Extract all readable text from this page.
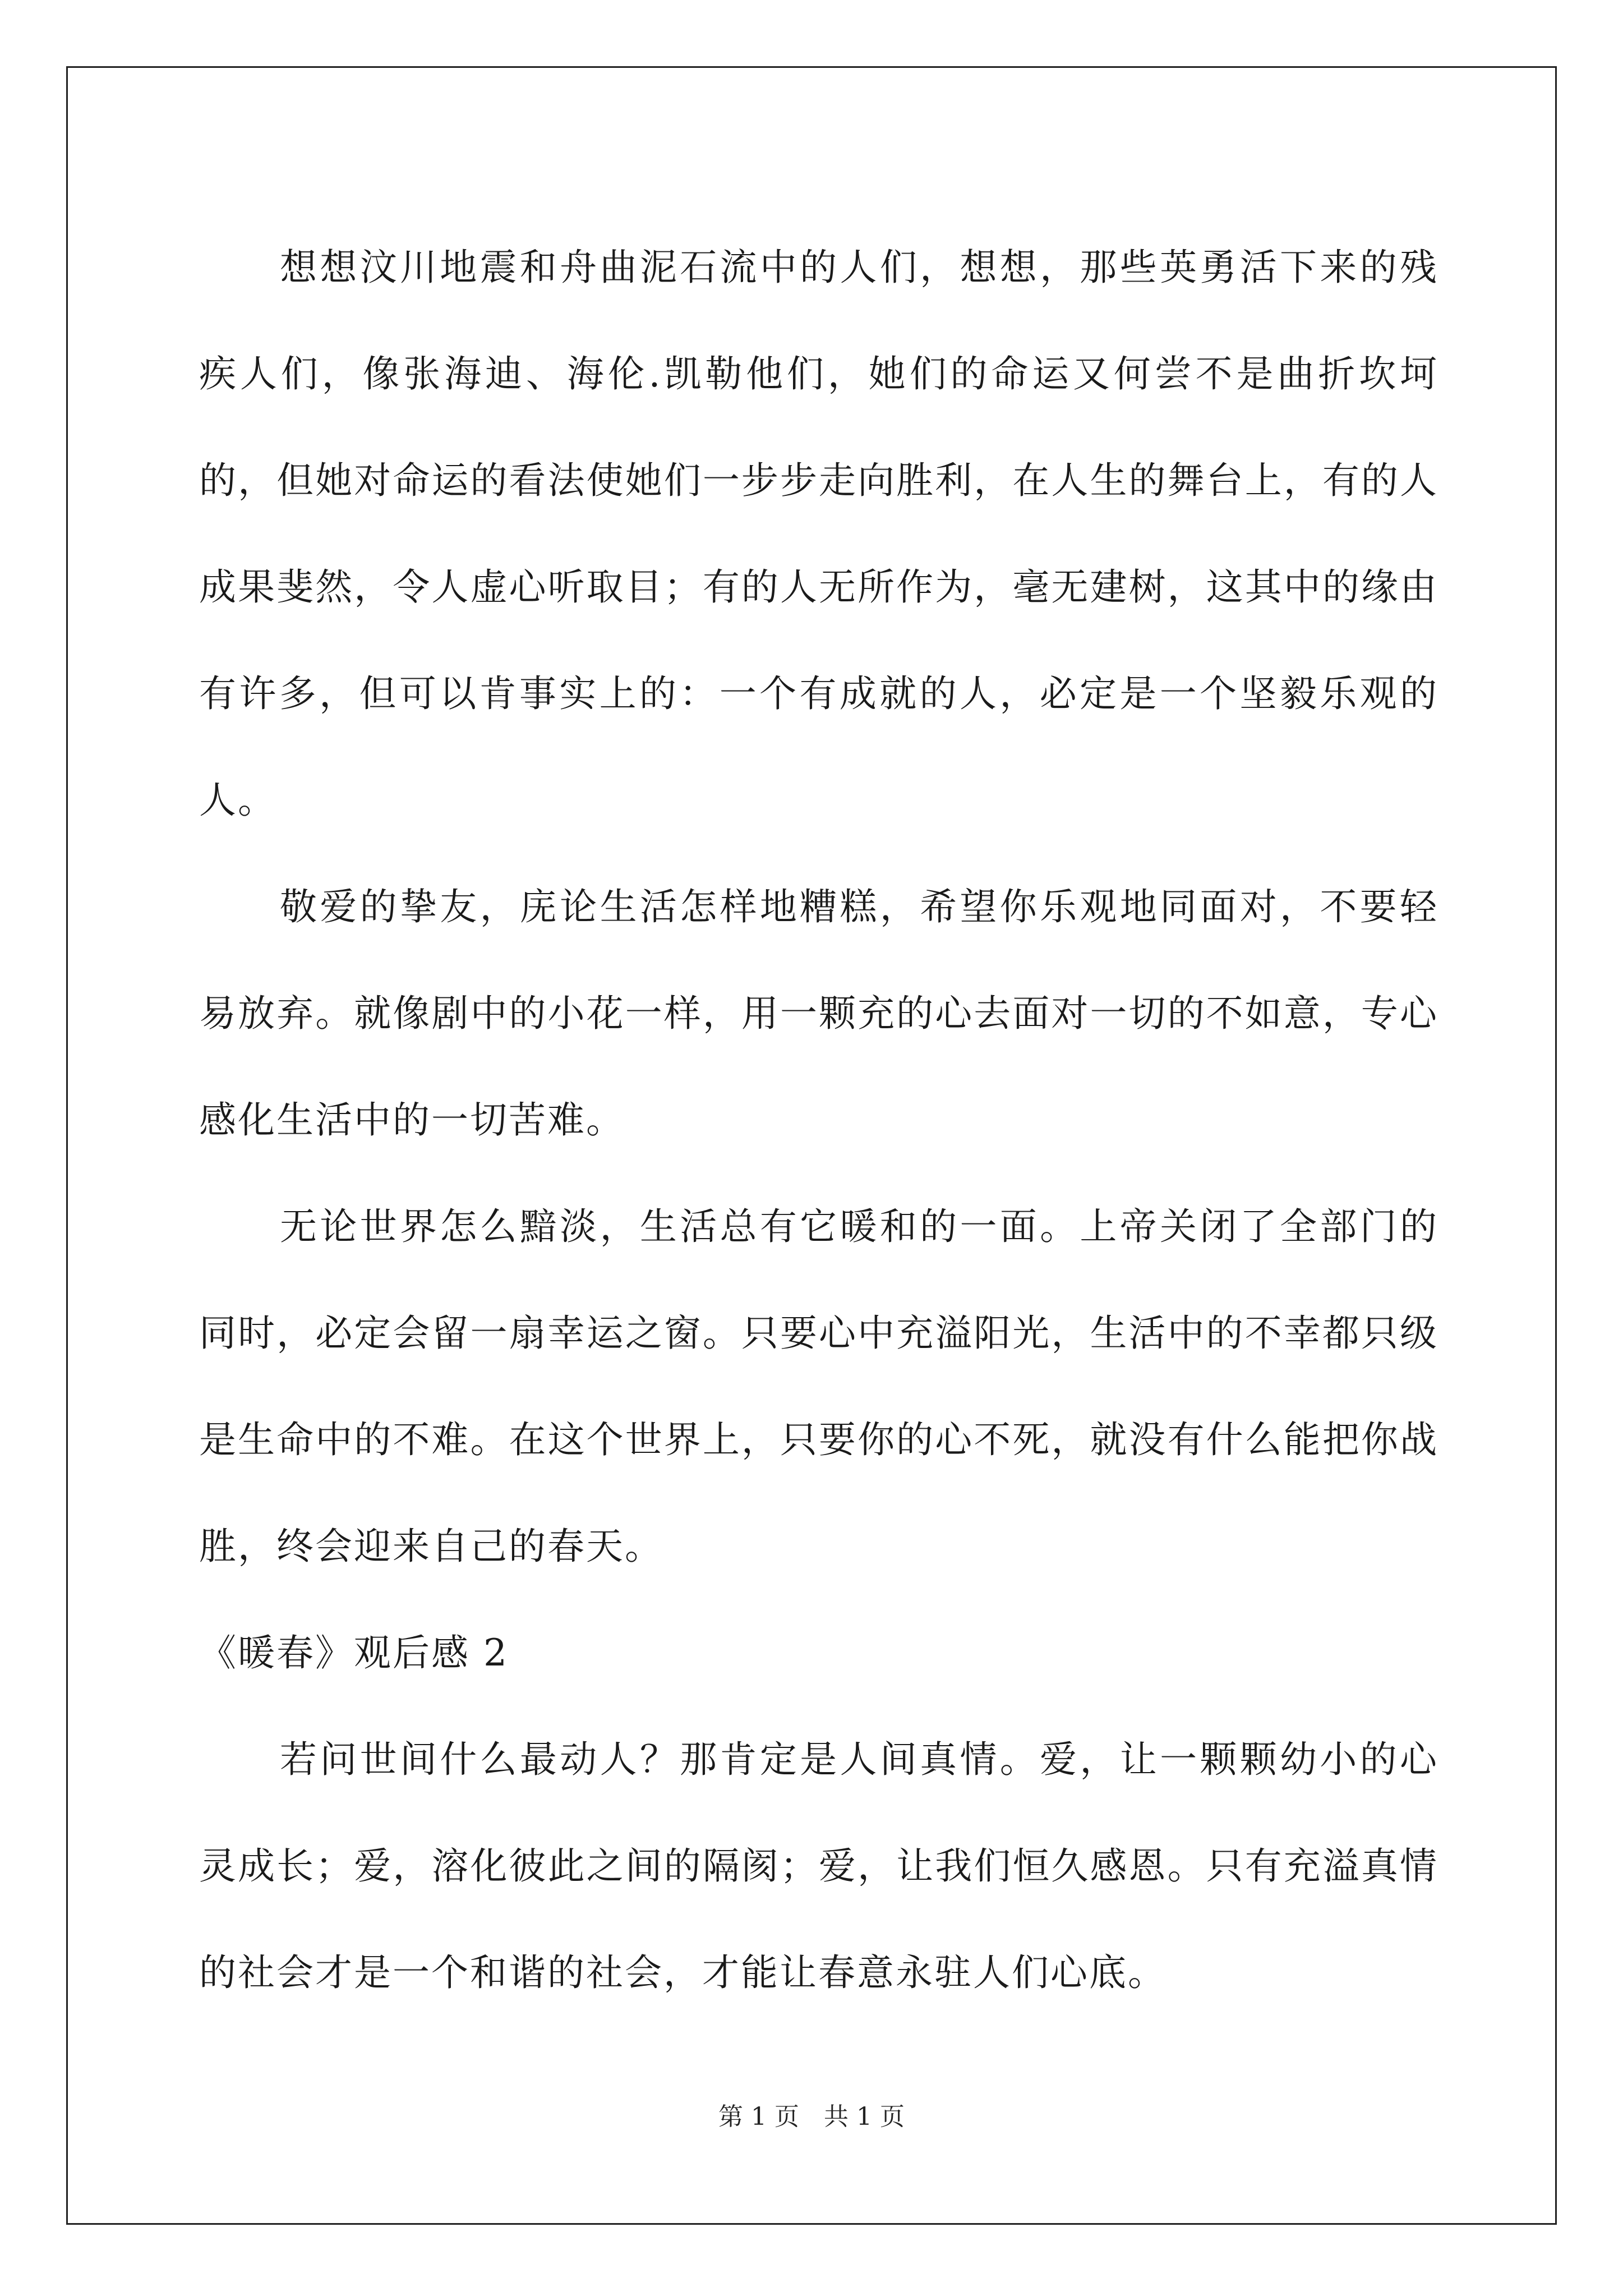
想想汶川地震和舟曲泥石流中的人们，想想，那些英勇活下来的残疾人们，像张海迪、海伦.凯勒他们，她们的命运又何尝不是曲折坎坷的，但她对命运的看法使她们一步步走向胜利，在人生的舞台上，有的人成果斐然，令人虚心听取目；有的人无所作为，毫无建树，这其中的缘由有许多，但可以肯事实上的：一个有成就的人，必定是一个坚毅乐观的人。

敬爱的挚友，庑论生活怎样地糟糕，希望你乐观地同面对，不要轻易放弃。就像剧中的小花一样，用一颗充的心去面对一切的不如意，专心感化生活中的一切苦难。

无论世界怎么黯淡，生活总有它暖和的一面。上帝关闭了全部门的同时，必定会留一扇幸运之窗。只要心中充溢阳光，生活中的不幸都只级是生命中的不难。在这个世界上，只要你的心不死，就没有什么能把你战胜，终会迎来自己的春天。

《暖春》观后感 2

若问世间什么最动人？那肯定是人间真情。爱，让一颗颗幼小的心灵成长；爱，溶化彼此之间的隔阂；爱，让我们恒久感恩。只有充溢真情的社会才是一个和谐的社会，才能让春意永驻人们心底。

第 1 页　共 1 页
